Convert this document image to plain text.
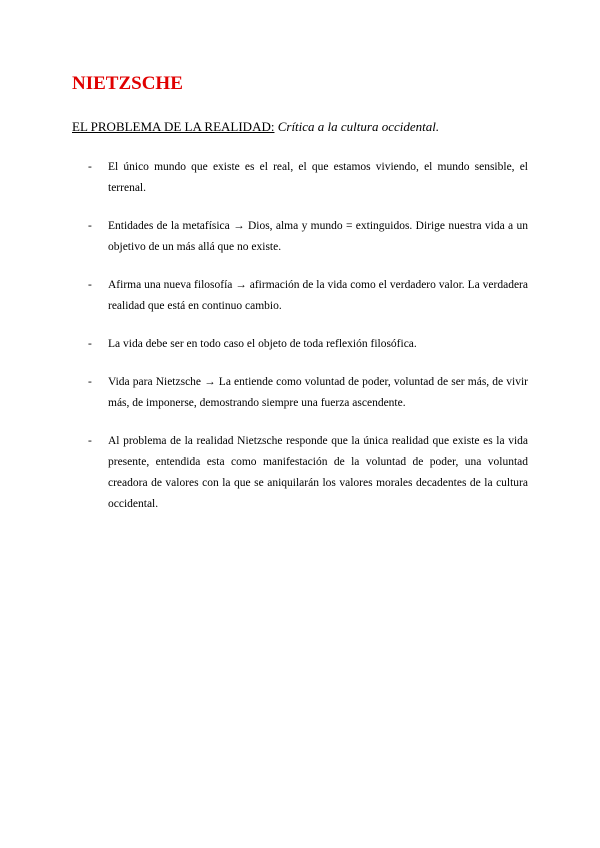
NIETZSCHE

EL PROBLEMA DE LA REALIDAD: Crítica a la cultura occidental.

- El único mundo que existe es el real, el que estamos viviendo, el mundo sensible, el terrenal.
- Entidades de la metafísica → Dios, alma y mundo = extinguidos. Dirige nuestra vida a un objetivo de un más allá que no existe.
- Afirma una nueva filosofía → afirmación de la vida como el verdadero valor. La verdadera realidad que está en continuo cambio.
- La vida debe ser en todo caso el objeto de toda reflexión filosófica.
- Vida para Nietzsche → La entiende como voluntad de poder, voluntad de ser más, de vivir más, de imponerse, demostrando siempre una fuerza ascendente.
- Al problema de la realidad Nietzsche responde que la única realidad que existe es la vida presente, entendida esta como manifestación de la voluntad de poder, una voluntad creadora de valores con la que se aniquilarán los valores morales decadentes de la cultura occidental.
